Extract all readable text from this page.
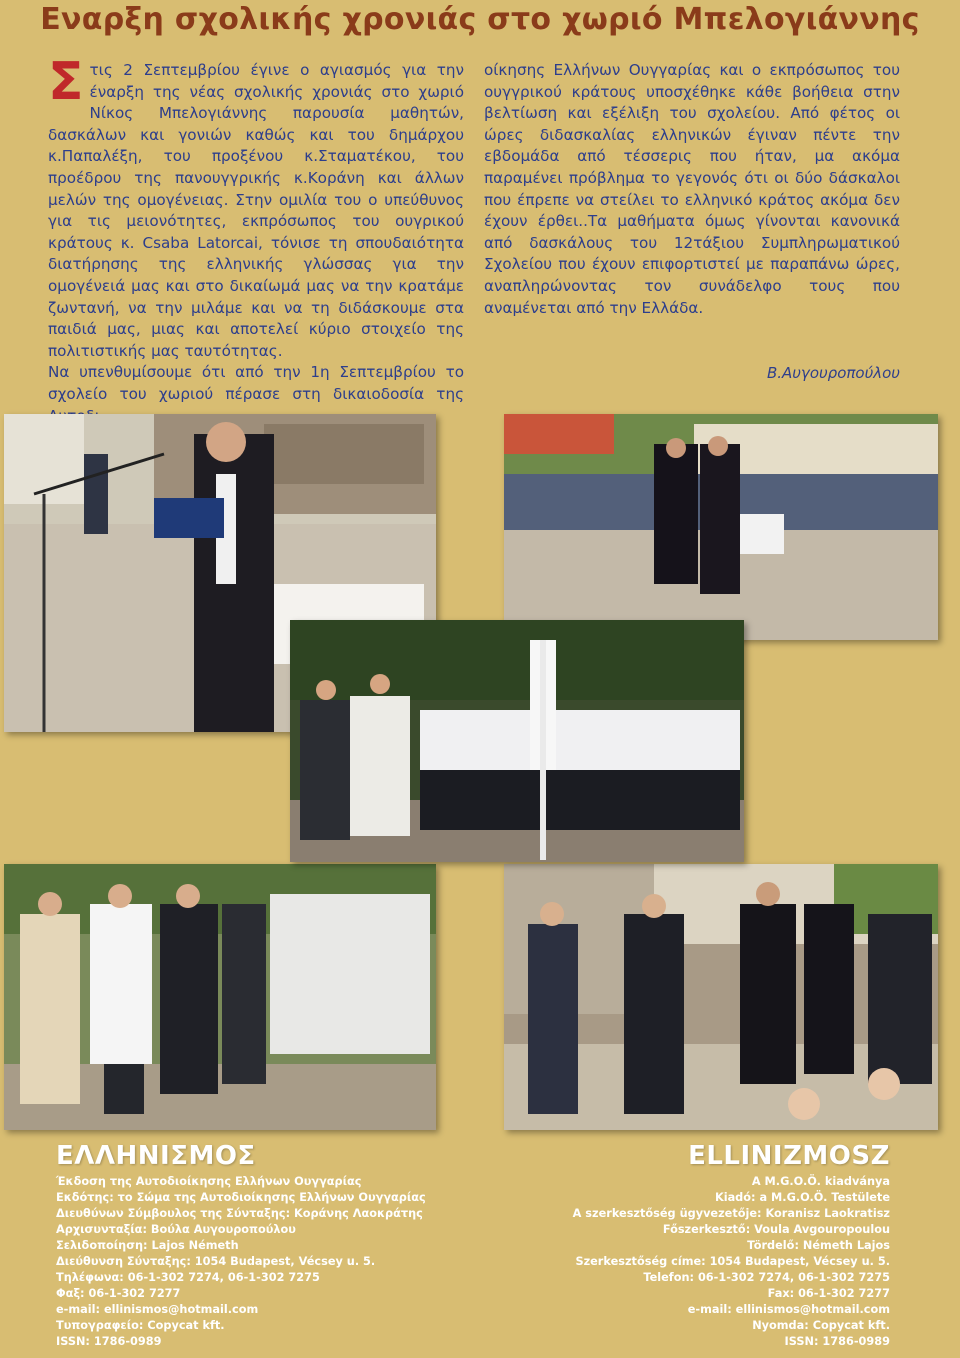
Εναρξη σχολικής χρονιάς στο χωριό Μπελογιάννης

Στις 2 Σεπτεμβρίου έγινε ο αγιασμός για την έναρξη της νέας σχολικής χρονιάς στο χωριό Νίκος Μπελογιάννης παρουσία μαθητών, δασκάλων και γονιών καθώς και του δημάρχου κ.Παπαλέξη, του προξένου κ.Σταματέκου, του προέδρου της πανουγγρικής κ.Κοράνη και άλλων μελών της ομογένειας. Στην ομιλία του ο υπεύθυνος για τις μειονότητες, εκπρόσωπος του ουγρικού κράτους κ. Csaba Latorcai, τόνισε τη σπουδαιότητα διατήρησης της ελληνικής γλώσσας για την ομογένειά μας και στο δικαίωμά μας να την κρατάμε ζωντανή, να την μιλάμε και να τη διδάσκουμε στα παιδιά μας, μιας και αποτελεί κύριο στοιχείο της πολιτιστικής μας ταυτότητας.

Να υπενθυμίσουμε ότι από την 1η Σεπτεμβρίου το σχολείο του χωριού πέρασε στη δικαιοδοσία της

οίκησης Ελλήνων Ουγγαρίας και ο εκπρόσωπος του ουγγρικού κράτους υποσχέθηκε κάθε βοήθεια στην βελτίωση και εξέλιξη του σχολείου. Από φέτος οι ώρες διδασκαλίας ελληνικών έγιναν πέντε την εβδομάδα από τέσσερις που ήταν, μα ακόμα παραμένει πρόβλημα το γεγονός ότι οι δύο δάσκαλοι που έπρεπε να στείλει το ελληνικό κράτος ακόμα δεν έχουν έρθει..Τα μαθήματα όμως γίνονται κανονικά από δασκάλους του 12τάξιου Συμπληρωματικού Σχολείου που έχουν επιφορτιστεί με παραπάνω ώρες, αναπληρώνοντας τον συνάδελφο τους που αναμένεται από την Ελλάδα.

Β.Αυγουροπούλου
ΕΛΛΗΝΙΣΜΟΣ
Έκδοση της Αυτοδιοίκησης Ελλήνων Ουγγαρίας
Εκδότης: το Σώμα της Αυτοδιοίκησης Ελλήνων Ουγγαρίας
Διευθύνων Σύμβουλος της Σύνταξης: Κοράνης Λαοκράτης
Αρχισυνταξία: Βούλα Αυγουροπούλου
Σελιδοποίηση: Lajos Németh
Διεύθυνση Σύνταξης: 1054 Budapest, Vécsey u. 5.
Τηλέφωνα: 06-1-302 7274, 06-1-302 7275
Φαξ: 06-1-302 7277
e-mail: ellinismos@hotmail.com
Τυπογραφείο: Copycat kft.
ISSN: 1786-0989
ELLINIZMOSZ
A M.G.O.Ö. kiadványa
Kiadó: a M.G.O.Ö. Testülete
A szerkesztőség ügyvezetője: Koranisz Laokratisz
Főszerkesztő: Voula Avgouropoulou
Tördelő: Németh Lajos
Szerkesztőség címe: 1054 Budapest, Vécsey u. 5.
Telefon: 06-1-302 7274, 06-1-302 7275
Fax: 06-1-302 7277
e-mail: ellinismos@hotmail.com
Nyomda: Copycat kft.
ISSN: 1786-0989
